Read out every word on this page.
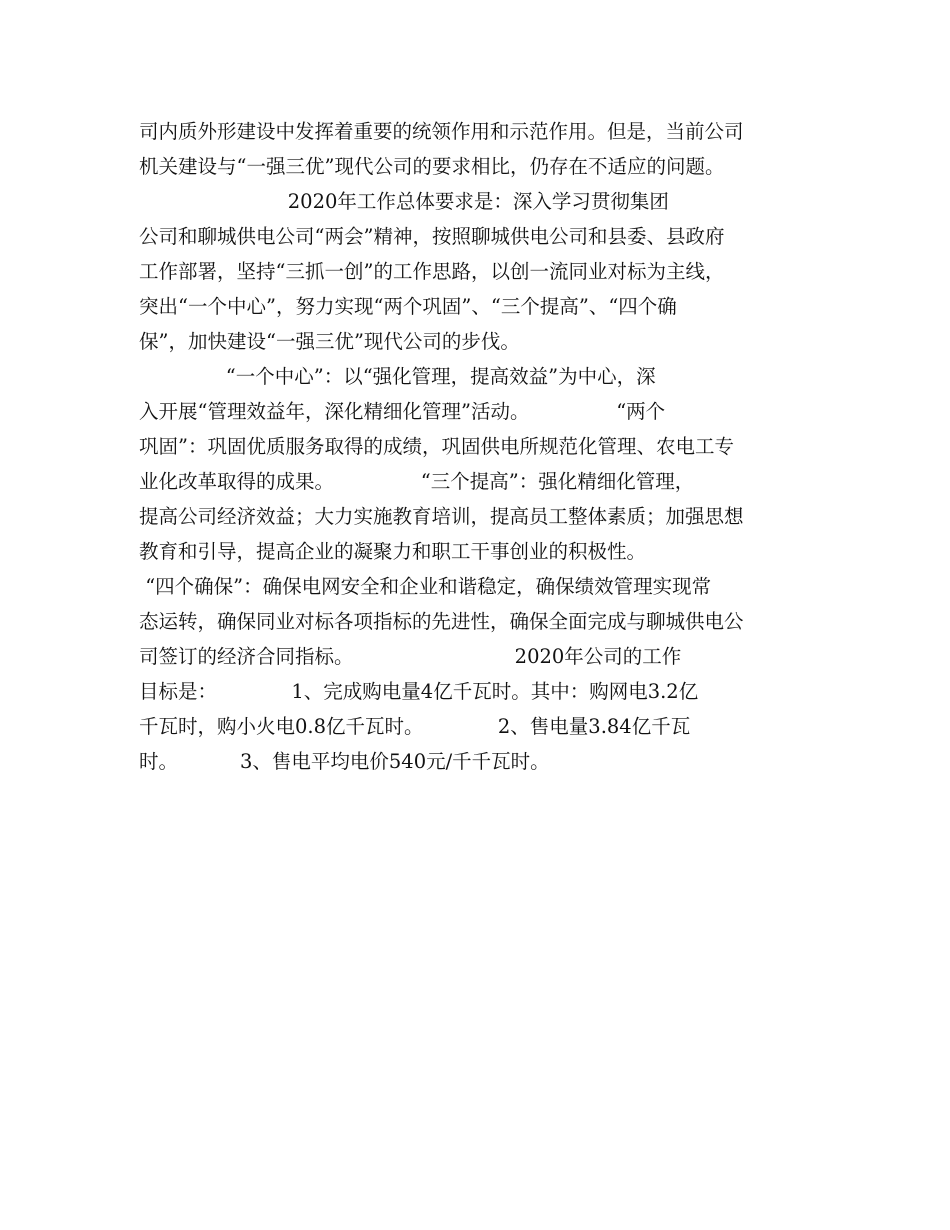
司内质外形建设中发挥着重要的统领作用和示范作用。但是，当前公司
机关建设与“一强三优”现代公司的要求相比，仍存在不适应的问题。
2020年工作总体要求是：深入学习贯彻集团
公司和聊城供电公司“两会”精神，按照聊城供电公司和县委、县政府
工作部署，坚持“三抓一创”的工作思路，以创一流同业对标为主线，
突出“一个中心”，努力实现“两个巩固”、“三个提高”、“四个确
保”，加快建设“一强三优”现代公司的步伐。
“一个中心”：以“强化管理，提高效益”为中心，深
入开展“管理效益年，深化精细化管理”活动。              “两个
巩固”：巩固优质服务取得的成绩，巩固供电所规范化管理、农电工专
业化改革取得的成果。              “三个提高”：强化精细化管理，
提高公司经济效益；大力实施教育培训，提高员工整体素质；加强思想
教育和引导，提高企业的凝聚力和职工干事创业的积极性。
“四个确保”：确保电网安全和企业和谐稳定，确保绩效管理实现常
态运转，确保同业对标各项指标的先进性，确保全面完成与聊城供电公
司签订的经济合同指标。                          2020年公司的工作
目标是：            1、完成购电量4亿千瓦时。其中：购网电3.2亿
千瓦时，购小火电0.8亿千瓦时。            2、售电量3.84亿千瓦
时。          3、售电平均电价540元/千千瓦时。
